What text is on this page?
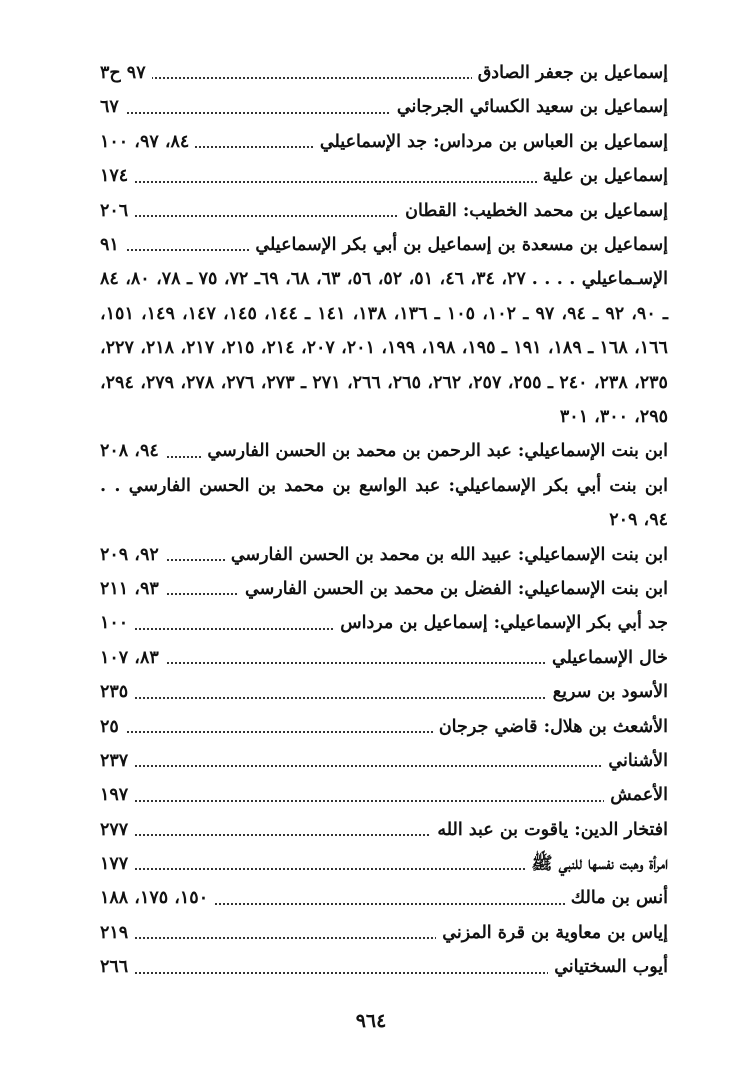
إسماعيل بن جعفر الصادق
٩٧ ح٣
إسماعيل بن سعيد الكسائي الجرجاني
٦٧
إسماعيل بن العباس بن مرداس: جد الإسماعيلي
٨٤، ٩٧، ١٠٠
إسماعيل بن علية
١٧٤
إسماعيل بن محمد الخطيب: القطان
٢٠٦
إسماعيل بن مسعدة بن إسماعيل بن أبي بكر الإسماعيلي
٩١
الإسـماعيلي . . . . ٢٧، ٣٤، ٤٦، ٥١، ٥٢، ٥٦، ٦٣، ٦٨، ٦٩ـ ٧٢، ٧٥ ـ ٧٨، ٨٠، ٨٤ ـ ٩٠، ٩٢ ـ ٩٤، ٩٧ ـ ١٠٢، ١٠٥ ـ ١٣٦، ١٣٨، ١٤١ ـ ١٤٤، ١٤٥، ١٤٧، ١٤٩، ١٥١، ١٦٦، ١٦٨ ـ ١٨٩، ١٩١ ـ ١٩٥، ١٩٨، ١٩٩، ٢٠١، ٢٠٧، ٢١٤، ٢١٥، ٢١٧، ٢١٨، ٢٢٧، ٢٣٥، ٢٣٨، ٢٤٠ ـ ٢٥٥، ٢٥٧، ٢٦٢، ٢٦٥، ٢٦٦، ٢٧١ ـ ٢٧٣، ٢٧٦، ٢٧٨، ٢٧٩، ٢٩٤، ٢٩٥، ٣٠٠، ٣٠١
ابن بنت الإسماعيلي: عبد الرحمن بن محمد بن الحسن الفارسي
٩٤، ٢٠٨
ابن بنت أبي بكر الإسماعيلي: عبد الواسع بن محمد بن الحسن الفارسي . . ٩٤، ٢٠٩
ابن بنت الإسماعيلي: عبيد الله بن محمد بن الحسن الفارسي
٩٢، ٢٠٩
ابن بنت الإسماعيلي: الفضل بن محمد بن الحسن الفارسي
٩٣، ٢١١
جد أبي بكر الإسماعيلي: إسماعيل بن مرداس
١٠٠
خال الإسماعيلي
٨٣، ١٠٧
الأسود بن سريع
٢٣٥
الأشعث بن هلال: قاضي جرجان
٢٥
الأشناني
٢٣٧
الأعمش
١٩٧
افتخار الدين: ياقوت بن عبد الله
٢٧٧
امرأة وهبت نفسها للنبي ﷺ
١٧٧
أنس بن مالك
١٥٠، ١٧٥، ١٨٨
إياس بن معاوية بن قرة المزني
٢١٩
أيوب السختياني
٢٦٦
٩٦٤
